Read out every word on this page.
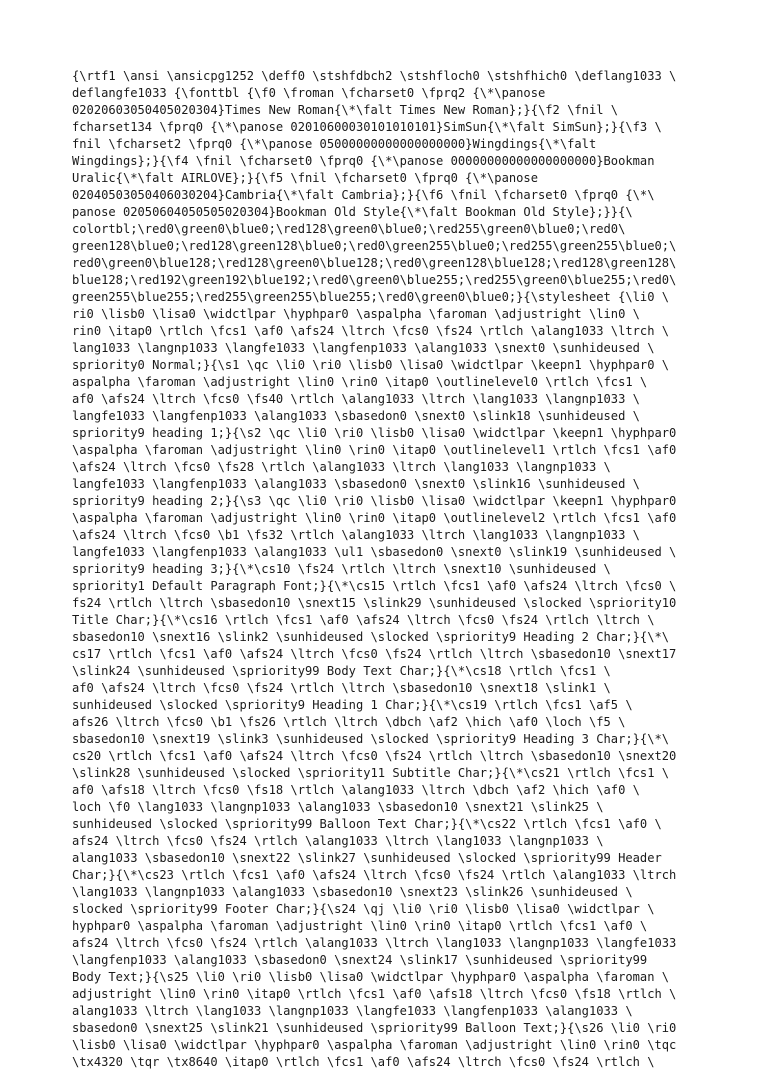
{\rtf1 \ansi \ansicpg1252 \deff0 \stshfdbch2 \stshfloch0 \stshfhich0 \deflang1033 \
deflangfe1033 {\fonttbl {\f0 \froman \fcharset0 \fprq2 {\*\panose
02020603050405020304}Times New Roman{\*\falt Times New Roman};}{\f2 \fnil \
fcharset134 \fprq0 {\*\panose 02010600030101010101}SimSun{\*\falt SimSun};}{\f3 \
fnil \fcharset2 \fprq0 {\*\panose 05000000000000000000}Wingdings{\*\falt
Wingdings};}{\f4 \fnil \fcharset0 \fprq0 {\*\panose 00000000000000000000}Bookman
Uralic{\*\falt AIRLOVE};}{\f5 \fnil \fcharset0 \fprq0 {\*\panose
02040503050406030204}Cambria{\*\falt Cambria};}{\f6 \fnil \fcharset0 \fprq0 {\*\
panose 02050604050505020304}Bookman Old Style{\*\falt Bookman Old Style};}}{\
colortbl;\red0\green0\blue0;\red128\green0\blue0;\red255\green0\blue0;\red0\
green128\blue0;\red128\green128\blue0;\red0\green255\blue0;\red255\green255\blue0;\
red0\green0\blue128;\red128\green0\blue128;\red0\green128\blue128;\red128\green128\
blue128;\red192\green192\blue192;\red0\green0\blue255;\red255\green0\blue255;\red0\
green255\blue255;\red255\green255\blue255;\red0\green0\blue0;}{\stylesheet {\li0 \
ri0 \lisb0 \lisa0 \widctlpar \hyphpar0 \aspalpha \faroman \adjustright \lin0 \
rin0 \itap0 \rtlch \fcs1 \af0 \afs24 \ltrch \fcs0 \fs24 \rtlch \alang1033 \ltrch \
lang1033 \langnp1033 \langfe1033 \langfenp1033 \alang1033 \snext0 \sunhideused \
spriority0 Normal;}{\s1 \qc \li0 \ri0 \lisb0 \lisa0 \widctlpar \keepn1 \hyphpar0 \
aspalpha \faroman \adjustright \lin0 \rin0 \itap0 \outlinelevel0 \rtlch \fcs1 \
af0 \afs24 \ltrch \fcs0 \fs40 \rtlch \alang1033 \ltrch \lang1033 \langnp1033 \
langfe1033 \langfenp1033 \alang1033 \sbasedon0 \snext0 \slink18 \sunhideused \
spriority9 heading 1;}{\s2 \qc \li0 \ri0 \lisb0 \lisa0 \widctlpar \keepn1 \hyphpar0
\aspalpha \faroman \adjustright \lin0 \rin0 \itap0 \outlinelevel1 \rtlch \fcs1 \af0
\afs24 \ltrch \fcs0 \fs28 \rtlch \alang1033 \ltrch \lang1033 \langnp1033 \
langfe1033 \langfenp1033 \alang1033 \sbasedon0 \snext0 \slink16 \sunhideused \
spriority9 heading 2;}{\s3 \qc \li0 \ri0 \lisb0 \lisa0 \widctlpar \keepn1 \hyphpar0
\aspalpha \faroman \adjustright \lin0 \rin0 \itap0 \outlinelevel2 \rtlch \fcs1 \af0
\afs24 \ltrch \fcs0 \b1 \fs32 \rtlch \alang1033 \ltrch \lang1033 \langnp1033 \
langfe1033 \langfenp1033 \alang1033 \ul1 \sbasedon0 \snext0 \slink19 \sunhideused \
spriority9 heading 3;}{\*\cs10 \fs24 \rtlch \ltrch \snext10 \sunhideused \
spriority1 Default Paragraph Font;}{\*\cs15 \rtlch \fcs1 \af0 \afs24 \ltrch \fcs0 \
fs24 \rtlch \ltrch \sbasedon10 \snext15 \slink29 \sunhideused \slocked \spriority10
Title Char;}{\*\cs16 \rtlch \fcs1 \af0 \afs24 \ltrch \fcs0 \fs24 \rtlch \ltrch \
sbasedon10 \snext16 \slink2 \sunhideused \slocked \spriority9 Heading 2 Char;}{\*\
cs17 \rtlch \fcs1 \af0 \afs24 \ltrch \fcs0 \fs24 \rtlch \ltrch \sbasedon10 \snext17
\slink24 \sunhideused \spriority99 Body Text Char;}{\*\cs18 \rtlch \fcs1 \
af0 \afs24 \ltrch \fcs0 \fs24 \rtlch \ltrch \sbasedon10 \snext18 \slink1 \
sunhideused \slocked \spriority9 Heading 1 Char;}{\*\cs19 \rtlch \fcs1 \af5 \
afs26 \ltrch \fcs0 \b1 \fs26 \rtlch \ltrch \dbch \af2 \hich \af0 \loch \f5 \
sbasedon10 \snext19 \slink3 \sunhideused \slocked \spriority9 Heading 3 Char;}{\*\
cs20 \rtlch \fcs1 \af0 \afs24 \ltrch \fcs0 \fs24 \rtlch \ltrch \sbasedon10 \snext20
\slink28 \sunhideused \slocked \spriority11 Subtitle Char;}{\*\cs21 \rtlch \fcs1 \
af0 \afs18 \ltrch \fcs0 \fs18 \rtlch \alang1033 \ltrch \dbch \af2 \hich \af0 \
loch \f0 \lang1033 \langnp1033 \alang1033 \sbasedon10 \snext21 \slink25 \
sunhideused \slocked \spriority99 Balloon Text Char;}{\*\cs22 \rtlch \fcs1 \af0 \
afs24 \ltrch \fcs0 \fs24 \rtlch \alang1033 \ltrch \lang1033 \langnp1033 \
alang1033 \sbasedon10 \snext22 \slink27 \sunhideused \slocked \spriority99 Header
Char;}{\*\cs23 \rtlch \fcs1 \af0 \afs24 \ltrch \fcs0 \fs24 \rtlch \alang1033 \ltrch
\lang1033 \langnp1033 \alang1033 \sbasedon10 \snext23 \slink26 \sunhideused \
slocked \spriority99 Footer Char;}{\s24 \qj \li0 \ri0 \lisb0 \lisa0 \widctlpar \
hyphpar0 \aspalpha \faroman \adjustright \lin0 \rin0 \itap0 \rtlch \fcs1 \af0 \
afs24 \ltrch \fcs0 \fs24 \rtlch \alang1033 \ltrch \lang1033 \langnp1033 \langfe1033
\langfenp1033 \alang1033 \sbasedon0 \snext24 \slink17 \sunhideused \spriority99
Body Text;}{\s25 \li0 \ri0 \lisb0 \lisa0 \widctlpar \hyphpar0 \aspalpha \faroman \
adjustright \lin0 \rin0 \itap0 \rtlch \fcs1 \af0 \afs18 \ltrch \fcs0 \fs18 \rtlch \
alang1033 \ltrch \lang1033 \langnp1033 \langfe1033 \langfenp1033 \alang1033 \
sbasedon0 \snext25 \slink21 \sunhideused \spriority99 Balloon Text;}{\s26 \li0 \ri0
\lisb0 \lisa0 \widctlpar \hyphpar0 \aspalpha \faroman \adjustright \lin0 \rin0 \tqc
\tx4320 \tqr \tx8640 \itap0 \rtlch \fcs1 \af0 \afs24 \ltrch \fcs0 \fs24 \rtlch \
